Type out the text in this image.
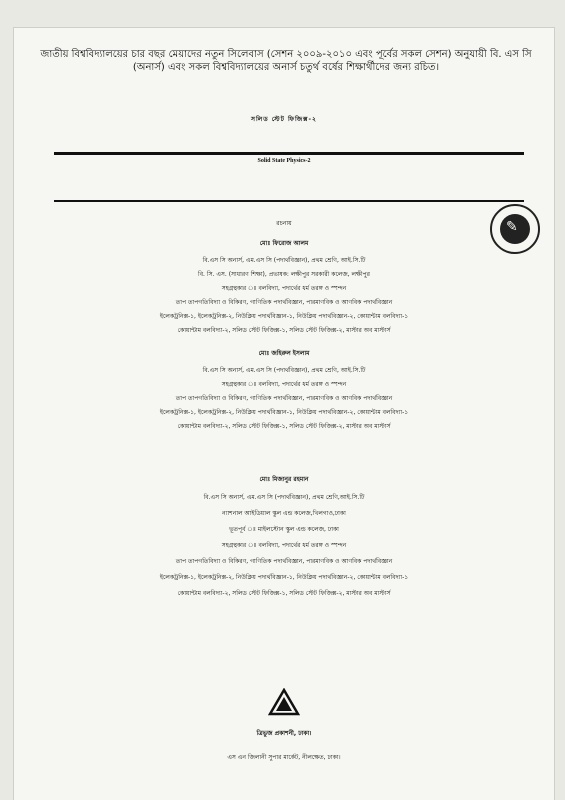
জাতীয় বিশ্ববিদ্যালয়ের চার বছর মেয়াদের নতুন সিলেবাস (সেশন ২০০৯-২০১০ এবং পূর্বের সকল সেশন) অনুযায়ী বি. এস সি (অনার্স) এবং সকল বিশ্ববিদ্যালয়ের অনার্স চতুর্থ বর্ষের শিক্ষার্থীদের জন্য রচিত।
সলিড স্টেট ফিজিক্স-২
Solid State Physics-2
✎
রচনায়
মোঃ ফিরোজ আলম
বি.এস সি অনার্স, এম.এস সি (পদার্থবিজ্ঞান), প্রথম শ্রেণি, আই.সি.টি
বি. সি. এস. (সাধারণ শিক্ষা), প্রভাষক: লক্ষীপুর সরকারী কলেজ, লক্ষীপুর
সহগ্রন্থকার ঃ বলবিদ্যা, পদার্থের ধর্ম তরঙ্গ ও স্পন্দন
তাপ তাপগতিবিদ্যা ও বিকিরণ, গাণিতিক পদার্থবিজ্ঞান, পারমাণবিক ও আণবিক পদার্থবিজ্ঞান
ইলেকট্রনিক্স-১, ইলেকট্রনিক্স-২, নিউক্লিয় পদার্থবিজ্ঞান-১, নিউক্লিয় পদার্থবিজ্ঞান-২, কোয়ান্টাম বলবিদ্যা-১
কোয়ান্টাম বলবিদ্যা-২, সলিড স্টেট ফিজিক্স-১, সলিড স্টেট ফিজিক্স-২, মাস্টার অব মাস্টার্স
মোঃ জহিরুল ইসলাম
বি.এস সি অনার্স, এম.এস সি (পদার্থবিজ্ঞান), প্রথম শ্রেণি, আই.সি.টি
সহগ্রন্থকার ঃ বলবিদ্যা, পদার্থের ধর্ম তরঙ্গ ও স্পন্দন
তাপ তাপগতিবিদ্যা ও বিকিরণ, গাণিতিক পদার্থবিজ্ঞান, পারমাণবিক ও আণবিক পদার্থবিজ্ঞান
ইলেকট্রনিক্স-১, ইলেকট্রনিক্স-২, নিউক্লিয় পদার্থবিজ্ঞান-১, নিউক্লিয় পদার্থবিজ্ঞান-২, কোয়ান্টাম বলবিদ্যা-১
কোয়ান্টাম বলবিদ্যা-২, সলিড স্টেট ফিজিক্স-১, সলিড স্টেট ফিজিক্স-২, মাস্টার অব মাস্টার্স
মোঃ মিজানুর রহমান
বি.এস সি অনার্স, এম.এস সি (পদার্থবিজ্ঞান), প্রথম শ্রেণি,আই.সি.টি
ন্যাশনাল আইডিয়াল স্কুল এন্ড কলেজ,খিলগাও,ঢাকা
ভূতপূর্ব ঃ মাইলস্টোন স্কুল এন্ড কলেজ, ঢাকা
সহগ্রন্থকার ঃ বলবিদ্যা, পদার্থের ধর্ম তরঙ্গ ও স্পন্দন
তাপ তাপগতিবিদ্যা ও বিকিরণ, গাণিতিক পদার্থবিজ্ঞান, পারমাণবিক ও আণবিক পদার্থবিজ্ঞান
ইলেকট্রনিক্স-১, ইলেকট্রনিক্স-২, নিউক্লিয় পদার্থবিজ্ঞান-১, নিউক্লিয় পদার্থবিজ্ঞান-২, কোয়ান্টাম বলবিদ্যা-১
কোয়ান্টাম বলবিদ্যা-২, সলিড স্টেট ফিজিক্স-১, সলিড স্টেট ফিজিক্স-২, মাস্টার অব মাস্টার্স
ত্রিভুজ প্রকাশনী, ঢাকা।
এস এন জিলানী সুপার মার্কেট, নীলক্ষেত, ঢাকা।
